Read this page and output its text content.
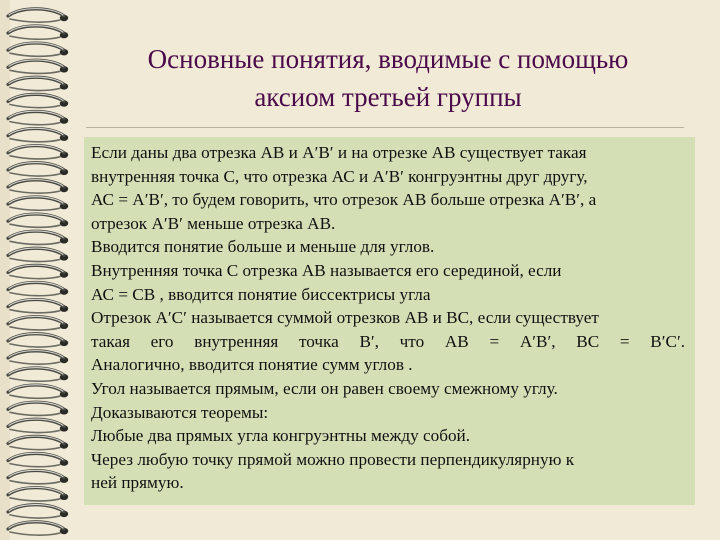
Основные понятия, вводимые с помощью
аксиом третьей группы
Если даны два отрезка АВ и А′В′ и на отрезке АВ существует такая
внутренняя точка С, что отрезка АС и А′В′ конгруэнтны друг другу,
АС = А′В′, то будем говорить, что отрезок АВ больше отрезка А′В′, а
отрезок А′В′ меньше отрезка АВ.
Вводится понятие больше и меньше для углов.
Внутренняя точка С отрезка АВ называется его серединой, если
АС = СВ , вводится понятие биссектрисы угла
Отрезок А′С′ называется суммой отрезков АВ и ВС, если существует
такая его внутренняя точка В′, что АВ = А′В′, ВС = В′С′.
Аналогично, вводится понятие сумм углов .
Угол называется прямым, если он равен своему смежному углу.
Доказываются теоремы:
Любые два прямых угла конгруэнтны между собой.
Через любую точку прямой можно провести перпендикулярную к
ней прямую.
